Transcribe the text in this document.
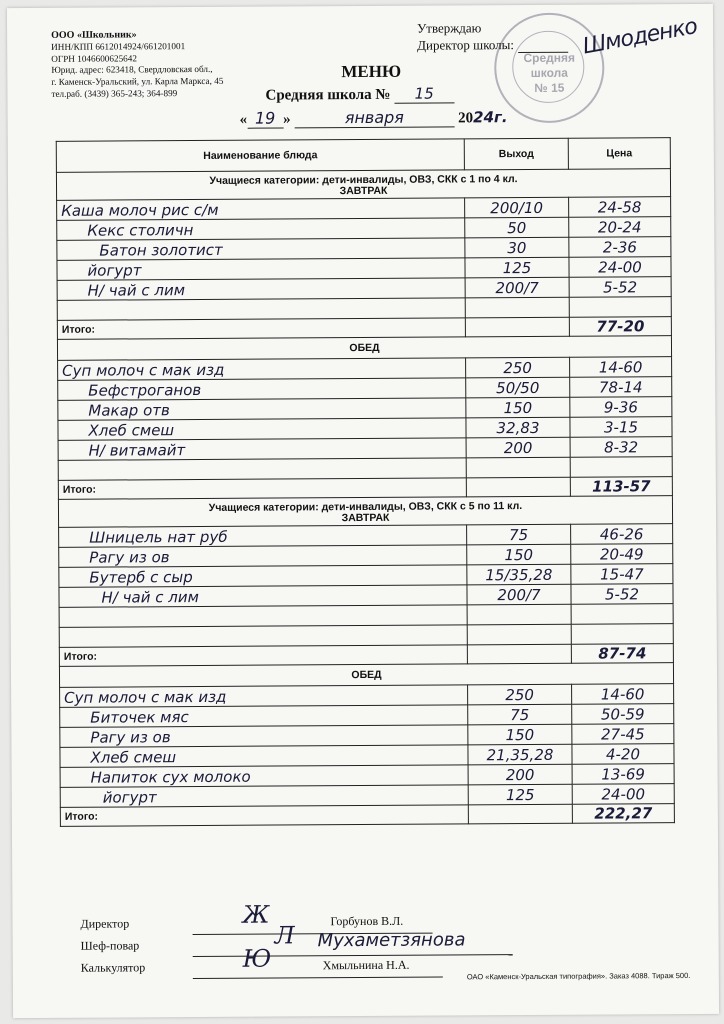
ООО «Школьник»
ИНН/КПП 6612014924/661201001
ОГРН 1046600625642
Юрид. адрес: 623418, Свердловская обл.,
г. Каменск-Уральский, ул. Карла Маркса, 45
тел.раб. (3439) 365-243; 364-899
Средняя
школа
№ 15
Утверждаю
Директор школы:	Шмоденко
МЕНЮ
Средняя школа № 15
« 19 »	января	2024г.
Наименование блюда	Выход	Цена

Учащиеся категории: дети-инвалиды, ОВЗ, СКК с 1 по 4 кл.
ЗАВТРАК		

Каша молоч рис с/м	200/10	24-58
Кекс столичн	50	20-24
Батон золотист	30	2-36
йогурт	125	24-00
Н/ чай с лим	200/7	5-52

Итого:		77-20
ОБЕД		
Суп молоч с мак изд	250	14-60
Бефстроганов	50/50	78-14
Макар отв	150	9-36
Хлеб смеш	32,83	3-15
Н/ витамайт	200	8-32

Итого:		113-57

Учащиеся категории: дети-инвалиды, ОВЗ, СКК с 5 по 11 кл.
ЗАВТРАК		

Шницель нат руб	75	46-26
Рагу из ов	150	20-49
Бутерб с сыр	15/35,28	15-47
Н/ чай с лим	200/7	5-52

Итого:		87-74
ОБЕД		
Суп молоч с мак изд	250	14-60
Биточек мяс	75	50-59
Рагу из ов	150	27-45
Хлеб смеш	21,35,28	4-20
Напиток сух молоко	200	13-69
йогурт	125	24-00
Итого:		222,27
Директор
Шеф-повар
Калькулятор
Горбунов В.Л.
Ж
Л Мухаметзянова
Ю	Хмыльнина Н.А.
ОАО «Каменск-Уральская типография». Заказ 4088. Тираж 500.
